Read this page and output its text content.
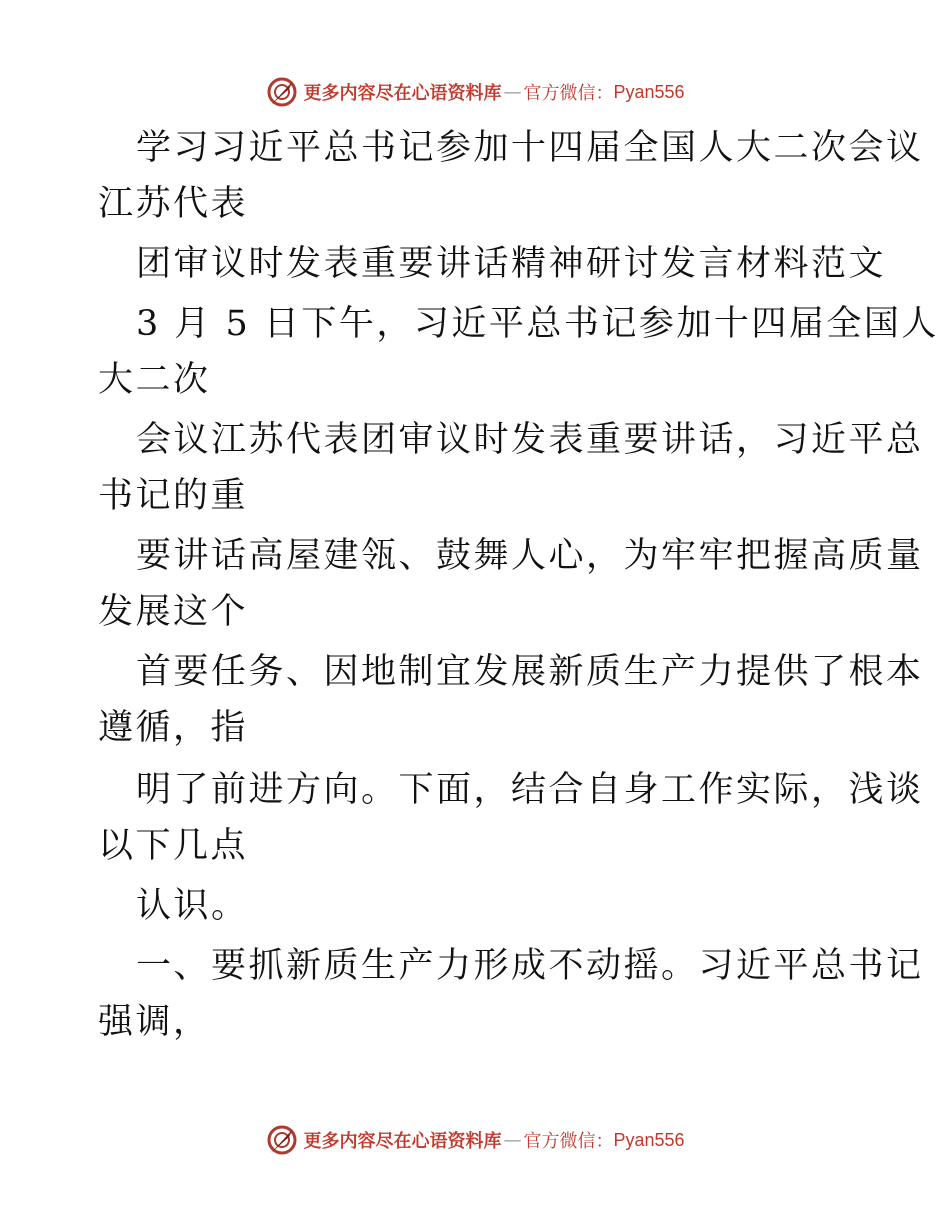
更多内容尽在心语资料库 — 官方微信： Pyan556
学习习近平总书记参加十四届全国人大二次会议
江苏代表
团审议时发表重要讲话精神研讨发言材料范文
3 月 5 日下午，习近平总书记参加十四届全国人
大二次
会议江苏代表团审议时发表重要讲话，习近平总
书记的重
要讲话高屋建瓴、鼓舞人心，为牢牢把握高质量
发展这个
首要任务、因地制宜发展新质生产力提供了根本
遵循，指
明了前进方向。下面，结合自身工作实际，浅谈
以下几点
认识。
一、要抓新质生产力形成不动摇。习近平总书记
强调，
更多内容尽在心语资料库 — 官方微信： Pyan556
